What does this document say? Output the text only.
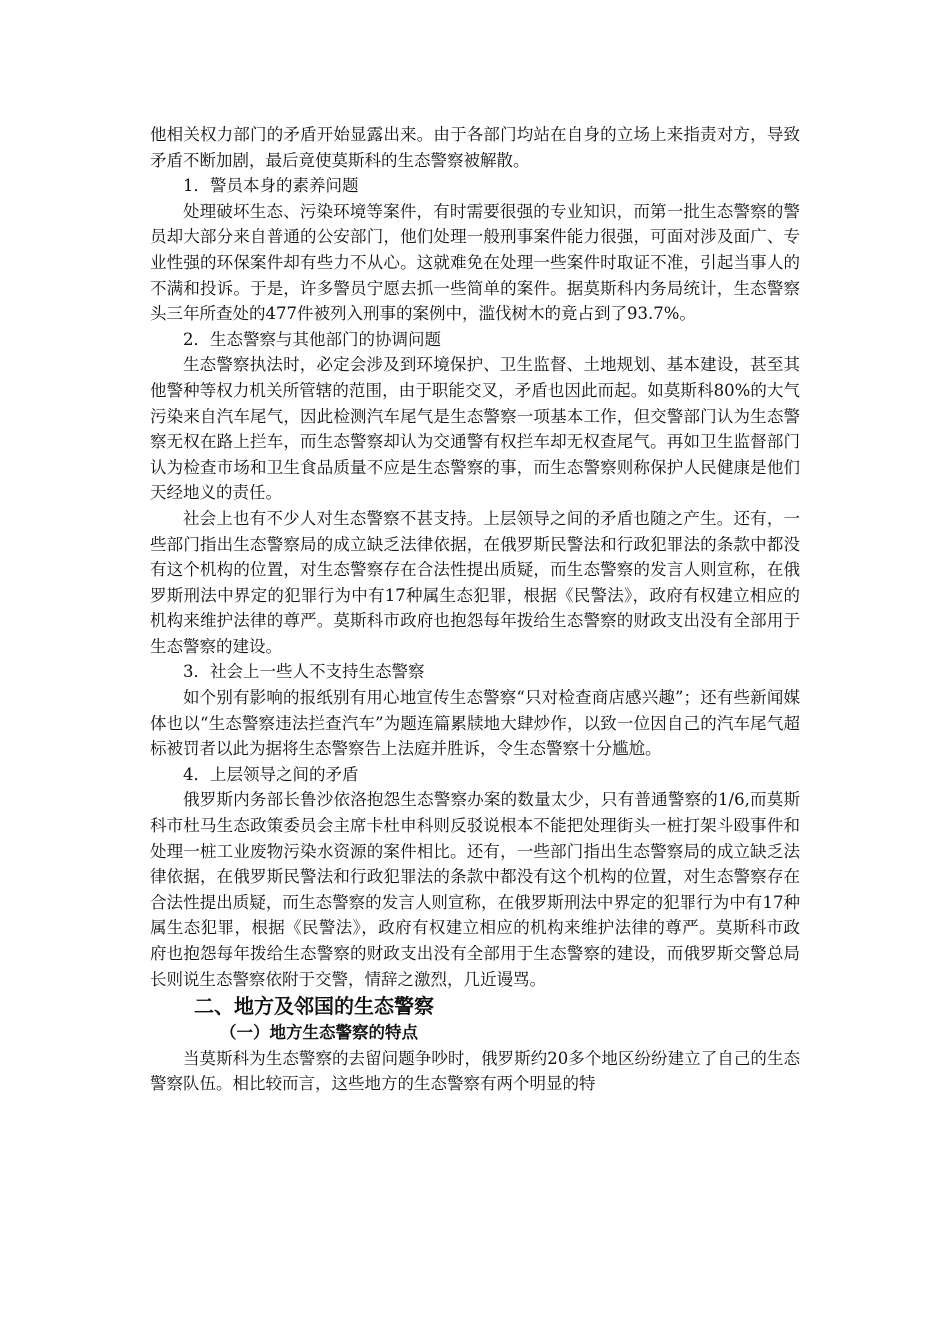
他相关权力部门的矛盾开始显露出来。由于各部门均站在自身的立场上来指责对方，导致矛盾不断加剧，最后竟使莫斯科的生态警察被解散。

1．警员本身的素养问题

处理破坏生态、污染环境等案件，有时需要很强的专业知识，而第一批生态警察的警员却大部分来自普通的公安部门，他们处理一般刑事案件能力很强，可面对涉及面广、专业性强的环保案件却有些力不从心。这就难免在处理一些案件时取证不准，引起当事人的不满和投诉。于是，许多警员宁愿去抓一些简单的案件。据莫斯科内务局统计，生态警察头三年所查处的477件被列入刑事的案例中，滥伐树木的竟占到了93.7%。

2．生态警察与其他部门的协调问题

生态警察执法时，必定会涉及到环境保护、卫生监督、土地规划、基本建设，甚至其他警种等权力机关所管辖的范围，由于职能交叉，矛盾也因此而起。如莫斯科80%的大气污染来自汽车尾气，因此检测汽车尾气是生态警察一项基本工作，但交警部门认为生态警察无权在路上拦车，而生态警察却认为交通警有权拦车却无权查尾气。再如卫生监督部门认为检查市场和卫生食品质量不应是生态警察的事，而生态警察则称保护人民健康是他们天经地义的责任。

社会上也有不少人对生态警察不甚支持。上层领导之间的矛盾也随之产生。还有，一些部门指出生态警察局的成立缺乏法律依据，在俄罗斯民警法和行政犯罪法的条款中都没有这个机构的位置，对生态警察存在合法性提出质疑，而生态警察的发言人则宣称，在俄罗斯刑法中界定的犯罪行为中有17种属生态犯罪，根据《民警法》，政府有权建立相应的机构来维护法律的尊严。莫斯科市政府也抱怨每年拨给生态警察的财政支出没有全部用于生态警察的建设。

3．社会上一些人不支持生态警察

如个别有影响的报纸别有用心地宣传生态警察“只对检查商店感兴趣”；还有些新闻媒体也以“生态警察违法拦查汽车”为题连篇累牍地大肆炒作，以致一位因自己的汽车尾气超标被罚者以此为据将生态警察告上法庭并胜诉，令生态警察十分尴尬。

4．上层领导之间的矛盾

俄罗斯内务部长鲁沙依洛抱怨生态警察办案的数量太少，只有普通警察的1/6,而莫斯科市杜马生态政策委员会主席卡杜申科则反驳说根本不能把处理街头一桩打架斗殴事件和处理一桩工业废物污染水资源的案件相比。还有，一些部门指出生态警察局的成立缺乏法律依据，在俄罗斯民警法和行政犯罪法的条款中都没有这个机构的位置，对生态警察存在合法性提出质疑，而生态警察的发言人则宣称，在俄罗斯刑法中界定的犯罪行为中有17种属生态犯罪，根据《民警法》，政府有权建立相应的机构来维护法律的尊严。莫斯科市政府也抱怨每年拨给生态警察的财政支出没有全部用于生态警察的建设，而俄罗斯交警总局长则说生态警察依附于交警，情辞之激烈，几近谩骂。

二、地方及邻国的生态警察

（一）地方生态警察的特点

当莫斯科为生态警察的去留问题争吵时，俄罗斯约20多个地区纷纷建立了自己的生态警察队伍。相比较而言，这些地方的生态警察有两个明显的特
